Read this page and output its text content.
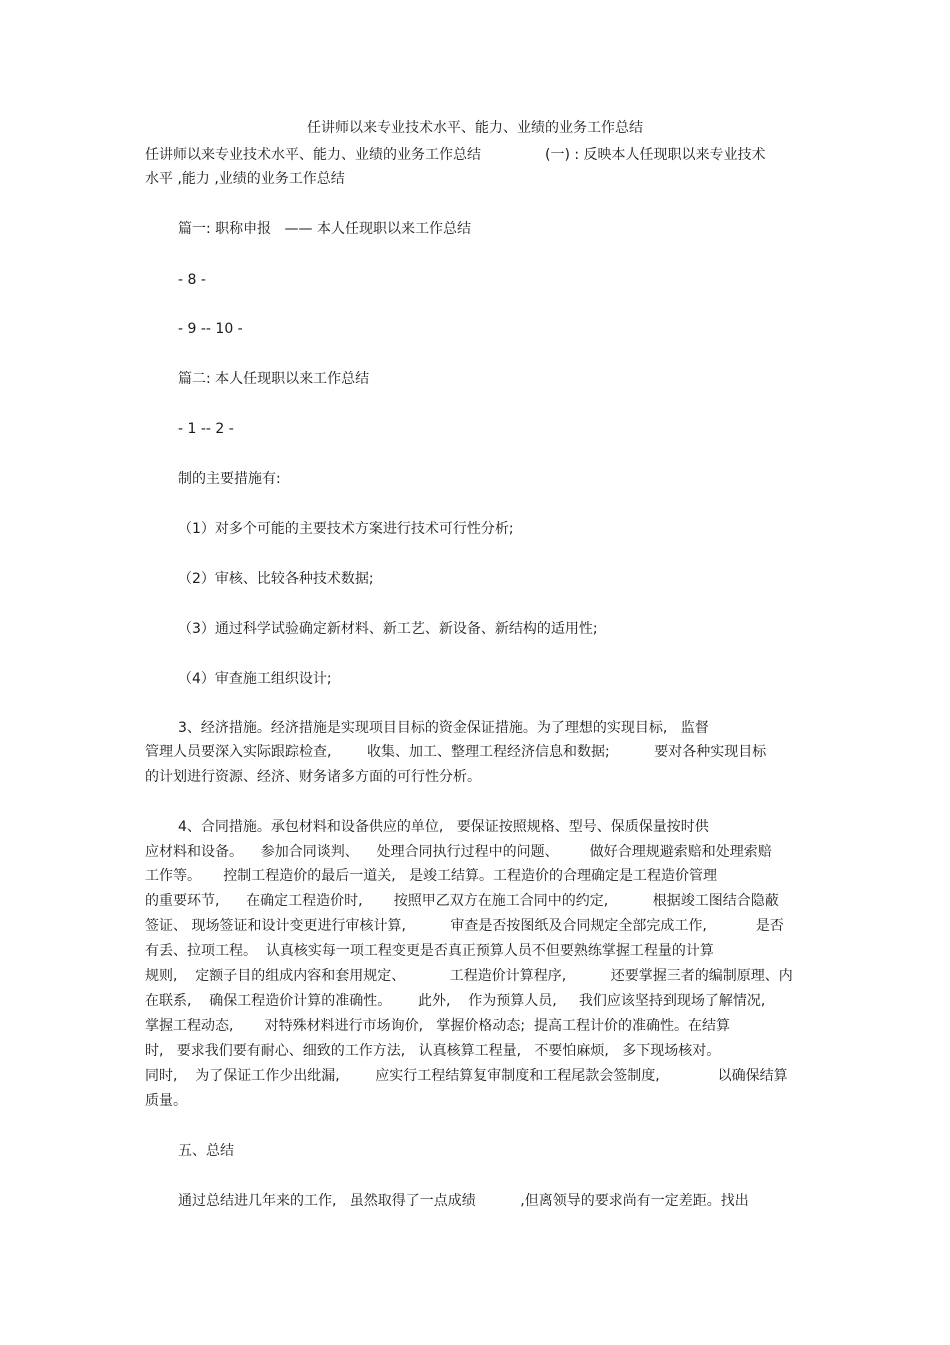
任讲师以来专业技术水平、能力、业绩的业务工作总结
任讲师以来专业技术水平、能力、业绩的业务工作总结	(一) : 反映本人任现职以来专业技术
水平 ,能力 ,业绩的业务工作总结
篇一: 职称申报   —— 本人任现职以来工作总结
- 8 -
- 9 -- 10 -
篇二: 本人任现职以来工作总结
- 1 -- 2 -
制的主要措施有:
（1）对多个可能的主要技术方案进行技术可行性分析;
（2）审核、比较各种技术数据;
（3）通过科学试验确定新材料、新工艺、新设备、新结构的适用性;
（4）审查施工组织设计;
3、经济措施。经济措施是实现项目目标的资金保证措施。为了理想的实现目标,   监督
管理人员要深入实际跟踪检查,        收集、加工、整理工程经济信息和数据;          要对各种实现目标
的计划进行资源、经济、财务诸多方面的可行性分析。
4、合同措施。承包材料和设备供应的单位,   要保证按照规格、型号、保质保量按时供
应材料和设备。    参加合同谈判、    处理合同执行过程中的问题、       做好合理规避索赔和处理索赔
工作等。     控制工程造价的最后一道关,   是竣工结算。工程造价的合理确定是工程造价管理
的重要环节,      在确定工程造价时,       按照甲乙双方在施工合同中的约定,          根据竣工图结合隐蔽
签证、 现场签证和设计变更进行审核计算,          审查是否按图纸及合同规定全部完成工作,           是否
有丢、拉项工程。  认真核实每一项工程变更是否真正预算人员不但要熟练掌握工程量的计算
规则,    定额子目的组成内容和套用规定、          工程造价计算程序,          还要掌握三者的编制原理、内
在联系,    确保工程造价计算的准确性。      此外,    作为预算人员,     我们应该坚持到现场了解情况,
掌握工程动态,       对特殊材料进行市场询价,   掌握价格动态;  提高工程计价的准确性。在结算
时,   要求我们要有耐心、细致的工作方法,   认真核算工程量,   不要怕麻烦,   多下现场核对。
同时,    为了保证工作少出纰漏,        应实行工程结算复审制度和工程尾款会签制度,             以确保结算
质量。
五、总结
通过总结进几年来的工作,   虽然取得了一点成绩          ,但离领导的要求尚有一定差距。找出
